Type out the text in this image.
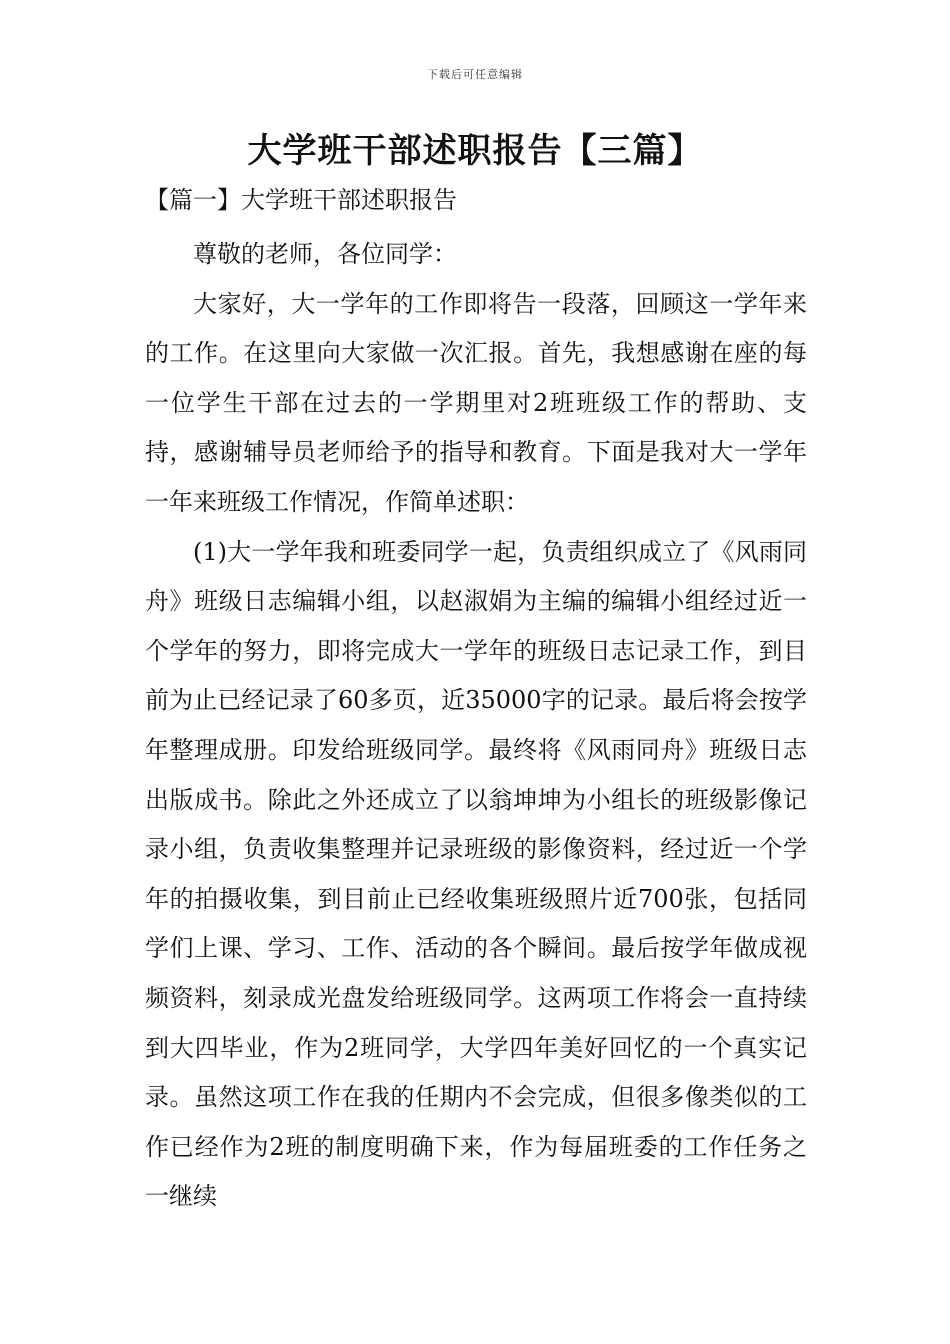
下载后可任意编辑
大学班干部述职报告【三篇】
【篇一】大学班干部述职报告

尊敬的老师，各位同学：

大家好，大一学年的工作即将告一段落，回顾这一学年来的工作。在这里向大家做一次汇报。首先，我想感谢在座的每一位学生干部在过去的一学期里对2班班级工作的帮助、支持，感谢辅导员老师给予的指导和教育。下面是我对大一学年一年来班级工作情况，作简单述职：

(1)大一学年我和班委同学一起，负责组织成立了《风雨同舟》班级日志编辑小组，以赵淑娟为主编的编辑小组经过近一个学年的努力，即将完成大一学年的班级日志记录工作，到目前为止已经记录了60多页，近35000字的记录。最后将会按学年整理成册。印发给班级同学。最终将《风雨同舟》班级日志出版成书。除此之外还成立了以翁坤坤为小组长的班级影像记录小组，负责收集整理并记录班级的影像资料，经过近一个学年的拍摄收集，到目前止已经收集班级照片近700张，包括同学们上课、学习、工作、活动的各个瞬间。最后按学年做成视频资料，刻录成光盘发给班级同学。这两项工作将会一直持续到大四毕业，作为2班同学，大学四年美好回忆的一个真实记录。虽然这项工作在我的任期内不会完成，但很多像类似的工作已经作为2班的制度明确下来，作为每届班委的工作任务之一继续
